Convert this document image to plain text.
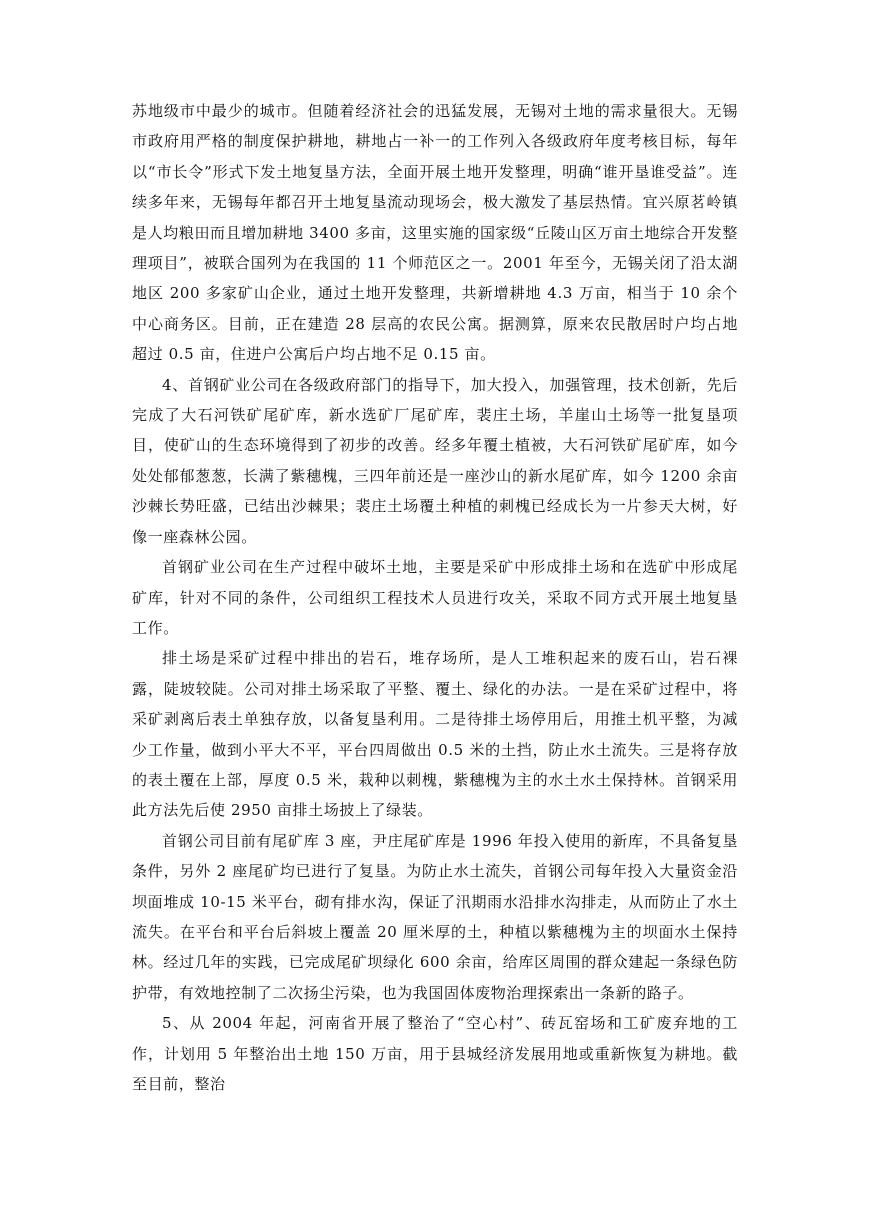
苏地级市中最少的城市。但随着经济社会的迅猛发展，无锡对土地的需求量很大。无锡市政府用严格的制度保护耕地，耕地占一补一的工作列入各级政府年度考核目标，每年以“市长令”形式下发土地复垦方法，全面开展土地开发整理，明确“谁开垦谁受益”。连续多年来，无锡每年都召开土地复垦流动现场会，极大激发了基层热情。宜兴原茗岭镇是人均粮田而且增加耕地 3400 多亩，这里实施的国家级“丘陵山区万亩土地综合开发整理项目”，被联合国列为在我国的 11 个师范区之一。2001 年至今，无锡关闭了沿太湖地区 200 多家矿山企业，通过土地开发整理，共新增耕地 4.3 万亩，相当于 10 余个中心商务区。目前，正在建造 28 层高的农民公寓。据测算，原来农民散居时户均占地超过 0.5 亩，住进户公寓后户均占地不足 0.15 亩。

4、首钢矿业公司在各级政府部门的指导下，加大投入，加强管理，技术创新，先后完成了大石河铁矿尾矿库，新水选矿厂尾矿库，裴庄土场，羊崖山土场等一批复垦项目，使矿山的生态环境得到了初步的改善。经多年覆土植被，大石河铁矿尾矿库，如今处处郁郁葱葱，长满了紫穗槐，三四年前还是一座沙山的新水尾矿库，如今 1200 余亩沙棘长势旺盛，已结出沙棘果；裴庄土场覆土种植的刺槐已经成长为一片参天大树，好像一座森林公园。

首钢矿业公司在生产过程中破坏土地，主要是采矿中形成排土场和在选矿中形成尾矿库，针对不同的条件，公司组织工程技术人员进行攻关，采取不同方式开展土地复垦工作。

排土场是采矿过程中排出的岩石，堆存场所，是人工堆积起来的废石山，岩石裸露，陡坡较陡。公司对排土场采取了平整、覆土、绿化的办法。一是在采矿过程中，将采矿剥离后表土单独存放，以备复垦利用。二是待排土场停用后，用推土机平整，为减少工作量，做到小平大不平，平台四周做出 0.5 米的土挡，防止水土流失。三是将存放的表土覆在上部，厚度 0.5 米，栽种以刺槐，紫穗槐为主的水土水土保持林。首钢采用此方法先后使 2950 亩排土场披上了绿装。

首钢公司目前有尾矿库 3 座，尹庄尾矿库是 1996 年投入使用的新库，不具备复垦条件，另外 2 座尾矿均已进行了复垦。为防止水土流失，首钢公司每年投入大量资金沿坝面堆成 10-15 米平台，砌有排水沟，保证了汛期雨水沿排水沟排走，从而防止了水土流失。在平台和平台后斜坡上覆盖 20 厘米厚的土，种植以紫穗槐为主的坝面水土保持林。经过几年的实践，已完成尾矿坝绿化 600 余亩，给库区周围的群众建起一条绿色防护带，有效地控制了二次扬尘污染，也为我国固体废物治理探索出一条新的路子。

5、从 2004 年起，河南省开展了整治了“空心村”、砖瓦窑场和工矿废弃地的工作，计划用 5 年整治出土地 150 万亩，用于县城经济发展用地或重新恢复为耕地。截至目前，整治
